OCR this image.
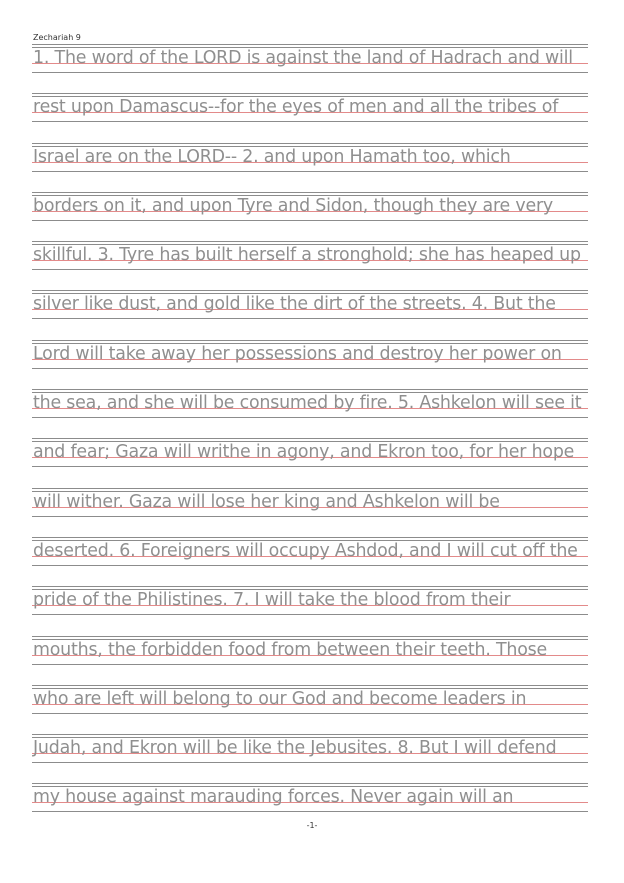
Zechariah 9
1. The word of the LORD is against the land of Hadrach and will
rest upon Damascus--for the eyes of men and all the tribes of
Israel are on the LORD-- 2. and upon Hamath too, which
borders on it, and upon Tyre and Sidon, though they are very
skillful. 3. Tyre has built herself a stronghold; she has heaped up
silver like dust, and gold like the dirt of the streets. 4. But the
Lord will take away her possessions and destroy her power on
the sea, and she will be consumed by fire. 5. Ashkelon will see it
and fear; Gaza will writhe in agony, and Ekron too, for her hope
will wither. Gaza will lose her king and Ashkelon will be
deserted. 6. Foreigners will occupy Ashdod, and I will cut off the
pride of the Philistines. 7. I will take the blood from their
mouths, the forbidden food from between their teeth. Those
who are left will belong to our God and become leaders in
Judah, and Ekron will be like the Jebusites. 8. But I will defend
my house against marauding forces. Never again will an
-1-
